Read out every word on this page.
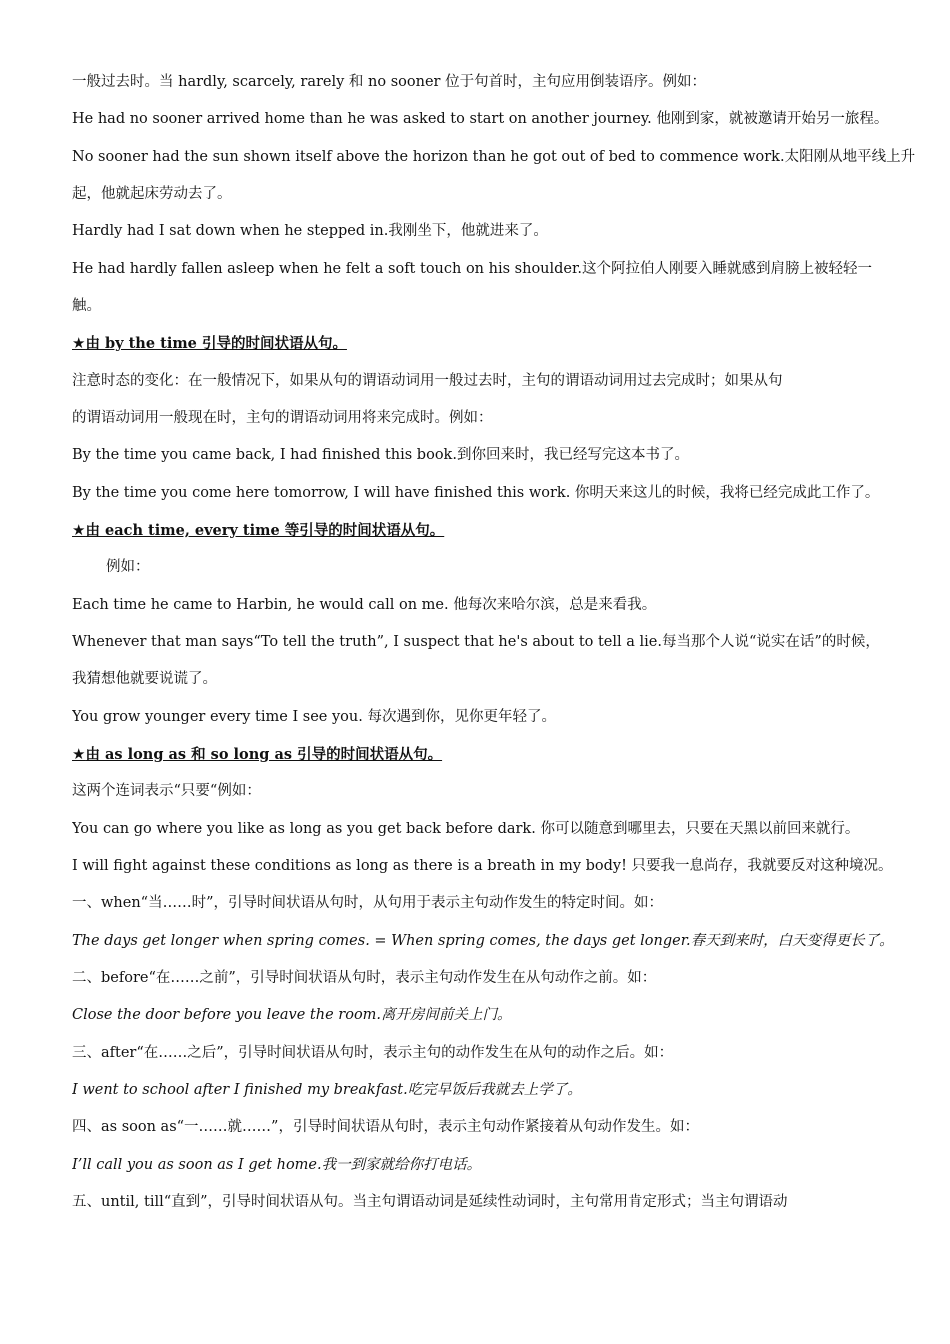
一般过去时。当 hardly, scarcely, rarely 和 no sooner 位于句首时，主句应用倒装语序。例如：
He had no sooner arrived home than he was asked to start on another journey. 他刚到家，就被邀请开始另一旅程。
No sooner had the sun shown itself above the horizon than he got out of bed to commence work.太阳刚从地平线上升
起，他就起床劳动去了。
Hardly had I sat down when he stepped in.我刚坐下，他就进来了。
He had hardly fallen asleep when he felt a soft touch on his shoulder.这个阿拉伯人刚要入睡就感到肩膀上被轻轻一
触。
★由 by the time 引导的时间状语从句。
注意时态的变化：在一般情况下，如果从句的谓语动词用一般过去时，主句的谓语动词用过去完成时；如果从句
的谓语动词用一般现在时，主句的谓语动词用将来完成时。例如：
By the time you came back, I had finished this book.到你回来时，我已经写完这本书了。
By the time you come here tomorrow, I will have finished this work. 你明天来这儿的时候，我将已经完成此工作了。
★由 each time, every time 等引导的时间状语从句。
例如：
Each time he came to Harbin, he would call on me. 他每次来哈尔滨，总是来看我。
Whenever that man says“To tell the truth”, I suspect that he's about to tell a lie.每当那个人说“说实在话”的时候，
我猜想他就要说谎了。
You grow younger every time I see you. 每次遇到你，见你更年轻了。
★由 as long as 和 so long as 引导的时间状语从句。
这两个连词表示“只要“例如：
You can go where you like as long as you get back before dark. 你可以随意到哪里去，只要在天黑以前回来就行。
I will fight against these conditions as long as there is a breath in my body! 只要我一息尚存，我就要反对这种境况。
一、when“当……时”，引导时间状语从句时，从句用于表示主句动作发生的特定时间。如：
The days get longer when spring comes. = When spring comes, the days get longer.春天到来时，白天变得更长了。
二、before“在……之前”，引导时间状语从句时，表示主句动作发生在从句动作之前。如：
Close the door before you leave the room.离开房间前关上门。
三、after“在……之后”，引导时间状语从句时，表示主句的动作发生在从句的动作之后。如：
I went to school after I finished my breakfast.吃完早饭后我就去上学了。
四、as soon as“一……就……”，引导时间状语从句时，表示主句动作紧接着从句动作发生。如：
I’ll call you as soon as I get home.我一到家就给你打电话。
五、until, till“直到”，引导时间状语从句。当主句谓语动词是延续性动词时，主句常用肯定形式；当主句谓语动
